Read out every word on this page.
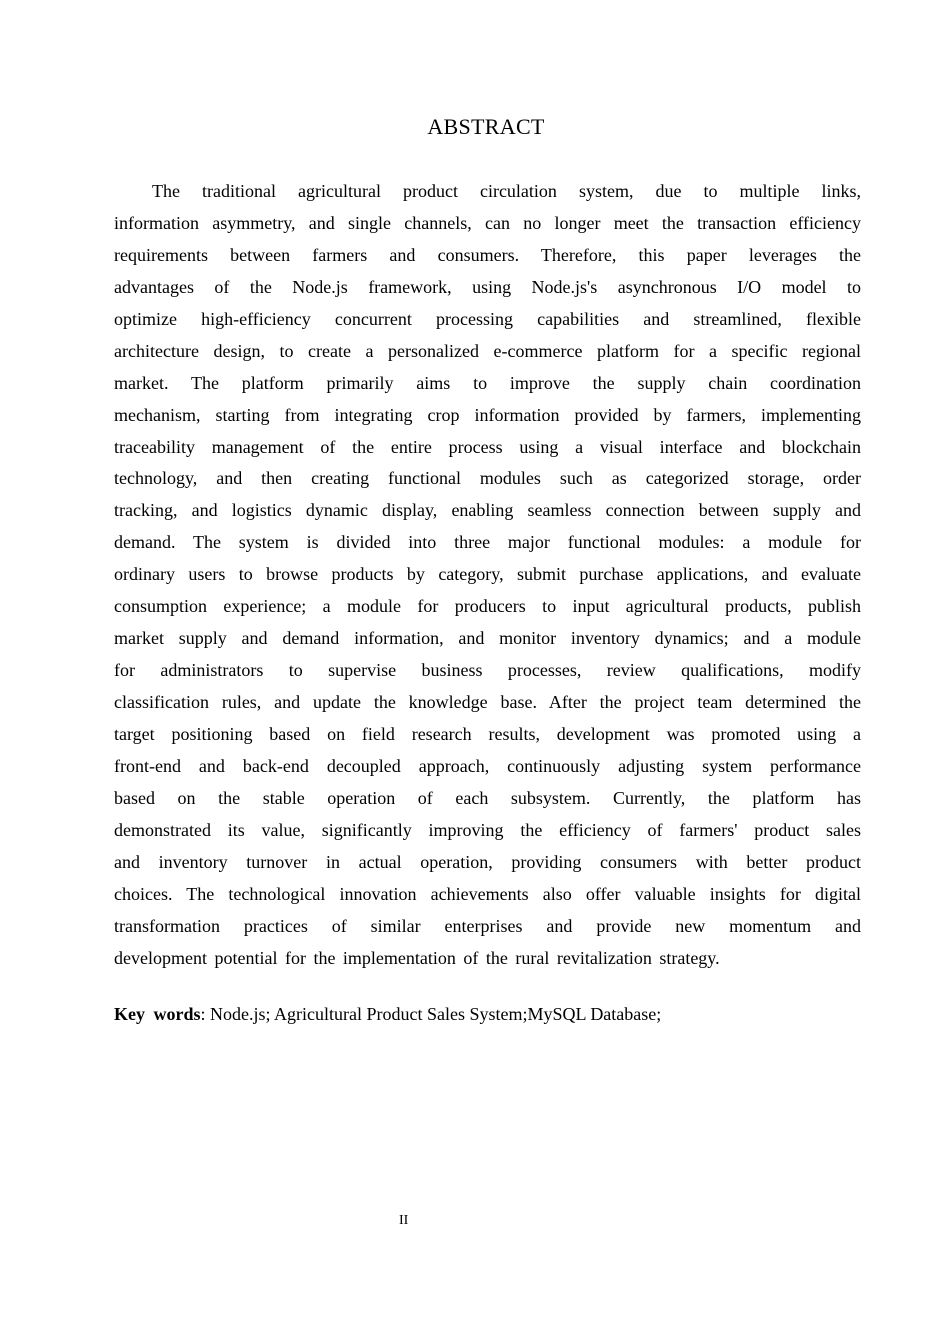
ABSTRACT
The traditional agricultural product circulation system, due to multiple links,
information asymmetry, and single channels, can no longer meet the transaction efficiency
requirements between farmers and consumers. Therefore, this paper leverages the
advantages of the Node.js framework, using Node.js's asynchronous I/O model to
optimize high-efficiency concurrent processing capabilities and streamlined, flexible
architecture design, to create a personalized e-commerce platform for a specific regional
market. The platform primarily aims to improve the supply chain coordination
mechanism, starting from integrating crop information provided by farmers, implementing
traceability management of the entire process using a visual interface and blockchain
technology, and then creating functional modules such as categorized storage, order
tracking, and logistics dynamic display, enabling seamless connection between supply and
demand. The system is divided into three major functional modules: a module for
ordinary users to browse products by category, submit purchase applications, and evaluate
consumption experience; a module for producers to input agricultural products, publish
market supply and demand information, and monitor inventory dynamics; and a module
for administrators to supervise business processes, review qualifications, modify
classification rules, and update the knowledge base. After the project team determined the
target positioning based on field research results, development was promoted using a
front-end and back-end decoupled approach, continuously adjusting system performance
based on the stable operation of each subsystem. Currently, the platform has
demonstrated its value, significantly improving the efficiency of farmers' product sales
and inventory turnover in actual operation, providing consumers with better product
choices. The technological innovation achievements also offer valuable insights for digital
transformation practices of similar enterprises and provide new momentum and
development potential for the implementation of the rural revitalization strategy.
Key words: Node.js; Agricultural Product Sales System;MySQL Database;
II
